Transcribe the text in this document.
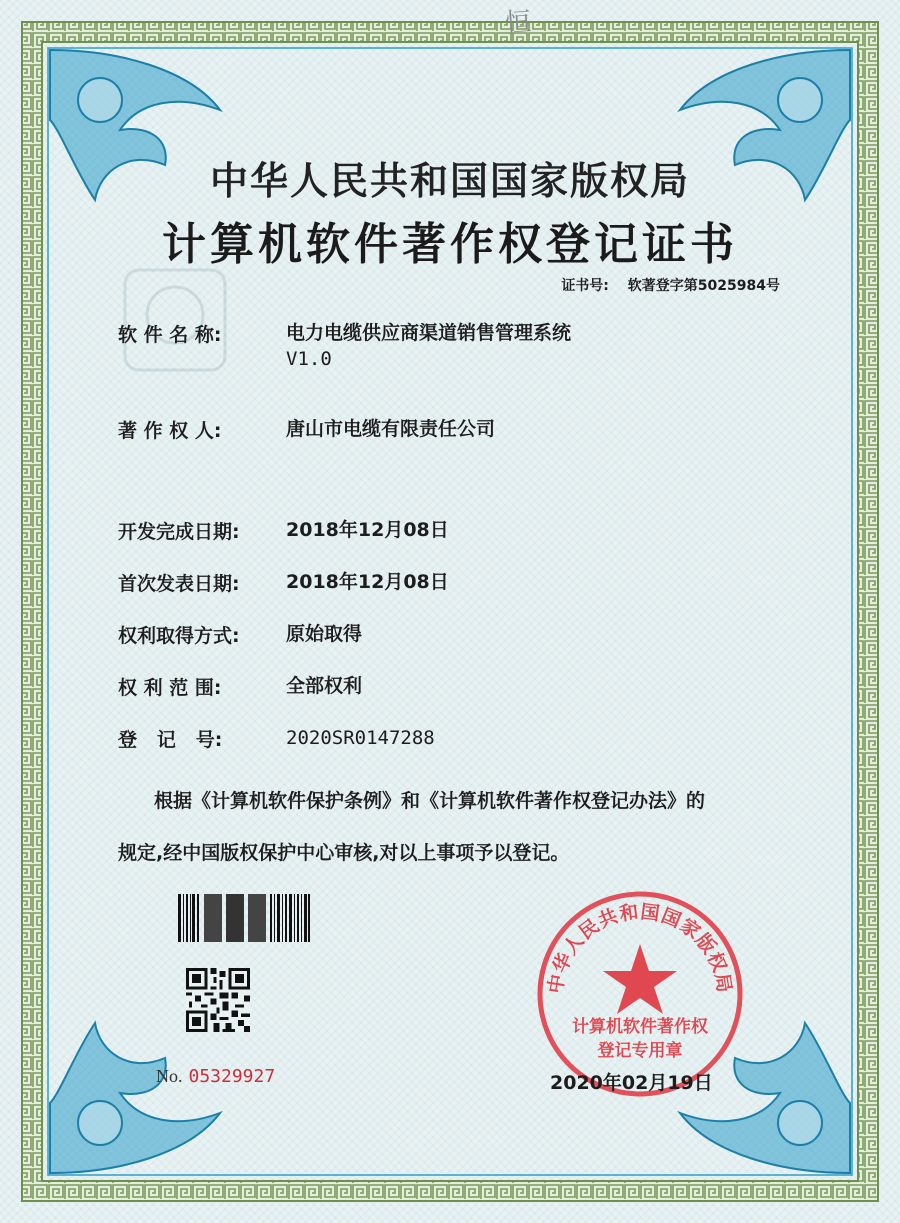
恒
中华人民共和国国家版权局
计算机软件著作权登记证书
证书号: 软著登字第5025984号
软 件 名 称:	电力电缆供应商渠道销售管理系统
V1.0
著 作 权 人:	唐山市电缆有限责任公司
开发完成日期: 2018年12月08日
首次发表日期: 2018年12月08日
权利取得方式: 原始取得
权 利 范 围:	全部权利
登   记   号:	2020SR0147288
根据《计算机软件保护条例》和《计算机软件著作权登记办法》的
规定,经中国版权保护中心审核,对以上事项予以登记。
No. 05329927
中华人民共和国国家版权局
计算机软件著作权
登记专用章
2020年02月19日
